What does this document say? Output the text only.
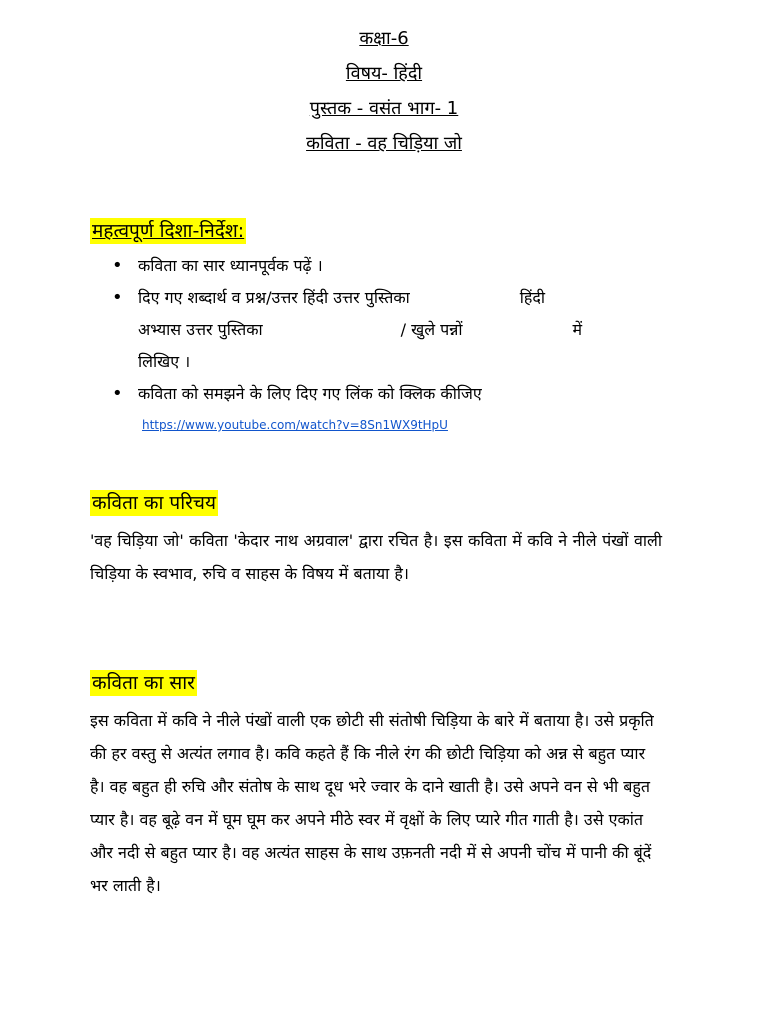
कक्षा-6
विषय- हिंदी
पुस्तक - वसंत भाग- 1
कविता - वह चिड़िया जो
महत्वपूर्ण दिशा-निर्देश:
• कविता का सार ध्यानपूर्वक पढ़ें ।
• दिए गए शब्दार्थ व प्रश्न/उत्तर हिंदी उत्तर पुस्तिका	हिंदी
अभ्यास उत्तर पुस्तिका	/ खुले पन्नों	में
लिखिए ।
• कविता को समझने के लिए दिए गए लिंक को क्लिक कीजिए
https://www.youtube.com/watch?v=8Sn1WX9tHpU
कविता का परिचय
'वह चिड़िया जो' कविता 'केदार नाथ अग्रवाल' द्वारा रचित है। इस कविता में कवि ने नीले पंखों वाली चिड़िया के स्वभाव, रुचि व साहस के विषय में बताया है।
कविता का सार
इस कविता में कवि ने नीले पंखों वाली एक छोटी सी संतोषी चिड़िया के बारे में बताया है। उसे प्रकृति की हर वस्तु से अत्यंत लगाव है। कवि कहते हैं कि नीले रंग की छोटी चिड़िया को अन्न से बहुत प्यार है। वह बहुत ही रुचि और संतोष के साथ दूध भरे ज्वार के दाने खाती है। उसे अपने वन से भी बहुत प्यार है। वह बूढ़े वन में घूम घूम कर अपने मीठे स्वर में वृक्षों के लिए प्यारे गीत गाती है। उसे एकांत और नदी से बहुत प्यार है। वह अत्यंत साहस के साथ उफ़नती नदी में से अपनी चोंच में पानी की बूंदें भर लाती है।
